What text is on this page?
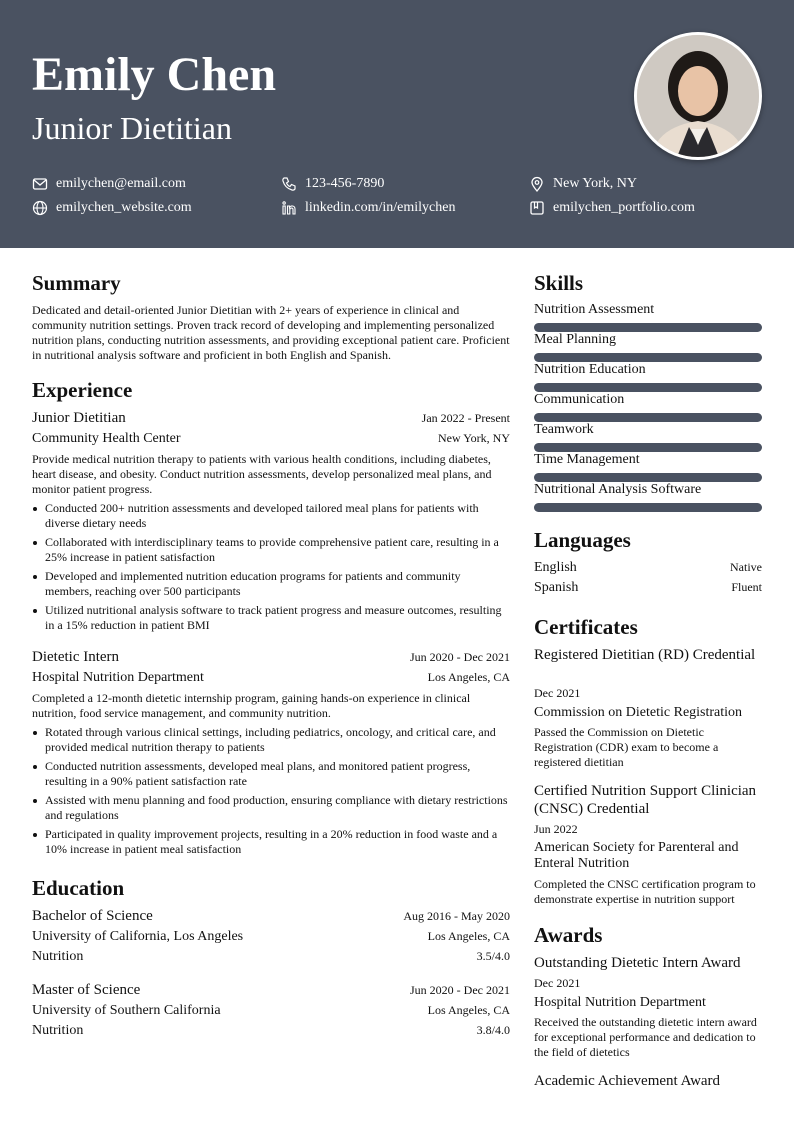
Emily Chen
Junior Dietitian
emilychen@email.com	123-456-7890	New York, NY
emilychen_website.com	linkedin.com/in/emilychen	emilychen_portfolio.com
Summary
Dedicated and detail-oriented Junior Dietitian with 2+ years of experience in clinical and community nutrition settings. Proven track record of developing and implementing personalized nutrition plans, conducting nutrition assessments, and providing exceptional patient care. Proficient in nutritional analysis software and proficient in both English and Spanish.
Experience
Junior Dietitian	Jan 2022 - Present
Community Health Center	New York, NY
Provide medical nutrition therapy to patients with various health conditions, including diabetes, heart disease, and obesity. Conduct nutrition assessments, develop personalized meal plans, and monitor patient progress.
Conducted 200+ nutrition assessments and developed tailored meal plans for patients with diverse dietary needs
Collaborated with interdisciplinary teams to provide comprehensive patient care, resulting in a 25% increase in patient satisfaction
Developed and implemented nutrition education programs for patients and community members, reaching over 500 participants
Utilized nutritional analysis software to track patient progress and measure outcomes, resulting in a 15% reduction in patient BMI
Dietetic Intern	Jun 2020 - Dec 2021
Hospital Nutrition Department	Los Angeles, CA
Completed a 12-month dietetic internship program, gaining hands-on experience in clinical nutrition, food service management, and community nutrition.
Rotated through various clinical settings, including pediatrics, oncology, and critical care, and provided medical nutrition therapy to patients
Conducted nutrition assessments, developed meal plans, and monitored patient progress, resulting in a 90% patient satisfaction rate
Assisted with menu planning and food production, ensuring compliance with dietary restrictions and regulations
Participated in quality improvement projects, resulting in a 20% reduction in food waste and a 10% increase in patient meal satisfaction
Education
Bachelor of Science	Aug 2016 - May 2020
University of California, Los Angeles	Los Angeles, CA
Nutrition	3.5/4.0
Master of Science	Jun 2020 - Dec 2021
University of Southern California	Los Angeles, CA
Nutrition	3.8/4.0
Skills
Nutrition Assessment
Meal Planning
Nutrition Education
Communication
Teamwork
Time Management
Nutritional Analysis Software
Languages
English	Native
Spanish	Fluent
Certificates
Registered Dietitian (RD) Credential
Dec 2021
Commission on Dietetic Registration
Passed the Commission on Dietetic Registration (CDR) exam to become a registered dietitian
Certified Nutrition Support Clinician (CNSC) Credential
Jun 2022
American Society for Parenteral and Enteral Nutrition
Completed the CNSC certification program to demonstrate expertise in nutrition support
Awards
Outstanding Dietetic Intern Award
Dec 2021
Hospital Nutrition Department
Received the outstanding dietetic intern award for exceptional performance and dedication to the field of dietetics
Academic Achievement Award
